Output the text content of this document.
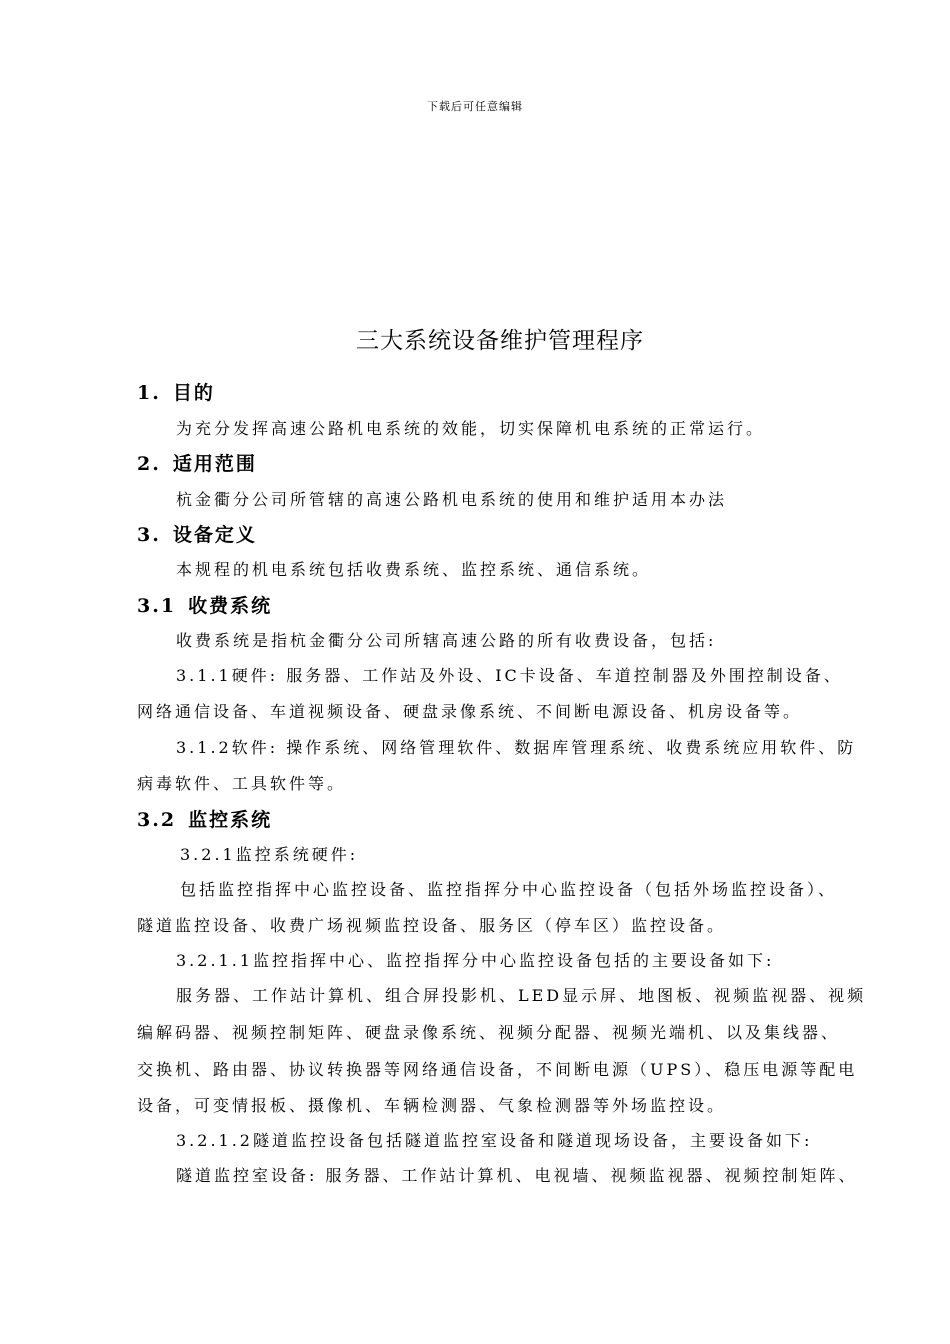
下载后可任意编辑
三大系统设备维护管理程序
1. 目的
为充分发挥高速公路机电系统的效能，切实保障机电系统的正常运行。
2. 适用范围
杭金衢分公司所管辖的高速公路机电系统的使用和维护适用本办法
3. 设备定义
本规程的机电系统包括收费系统、监控系统、通信系统。
3.1 收费系统
收费系统是指杭金衢分公司所辖高速公路的所有收费设备，包括:
3.1.1硬件: 服务器、工作站及外设、IC卡设备、车道控制器及外围控制设备、
网络通信设备、车道视频设备、硬盘录像系统、不间断电源设备、机房设备等。
3.1.2软件: 操作系统、网络管理软件、数据库管理系统、收费系统应用软件、防
病毒软件、工具软件等。
3.2 监控系统
3.2.1监控系统硬件:
包括监控指挥中心监控设备、监控指挥分中心监控设备（包括外场监控设备）、
隧道监控设备、收费广场视频监控设备、服务区（停车区）监控设备。
3.2.1.1监控指挥中心、监控指挥分中心监控设备包括的主要设备如下:
服务器、工作站计算机、组合屏投影机、LED显示屏、地图板、视频监视器、视频
编解码器、视频控制矩阵、硬盘录像系统、视频分配器、视频光端机、以及集线器、
交换机、路由器、协议转换器等网络通信设备，不间断电源（UPS）、稳压电源等配电
设备，可变情报板、摄像机、车辆检测器、气象检测器等外场监控设。
3.2.1.2隧道监控设备包括隧道监控室设备和隧道现场设备，主要设备如下:
隧道监控室设备: 服务器、工作站计算机、电视墙、视频监视器、视频控制矩阵、
